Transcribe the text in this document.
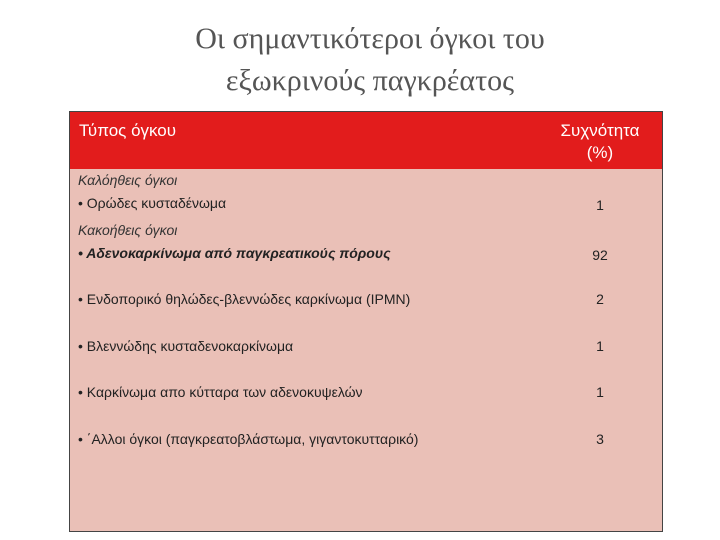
Οι σημαντικότεροι όγκοι του
εξωκρινούς παγκρέατος
Τύπος όγκου	Συχνότητα
(%)
Καλόηθεις όγκοι
• Ορώδες κυσταδένωμα	1
Κακοήθεις όγκοι
• Αδενοκαρκίνωμα από παγκρεατικούς πόρους	92
• Ενδοπορικό θηλώδες-βλεννώδες καρκίνωμα (IPMN)	2
• Βλεννώδης κυσταδενοκαρκίνωμα	1
• Καρκίνωμα απο κύτταρα των αδενοκυψελών	1
• ΄Αλλοι όγκοι (παγκρεατοβλάστωμα, γιγαντοκυτταρικό)	3
